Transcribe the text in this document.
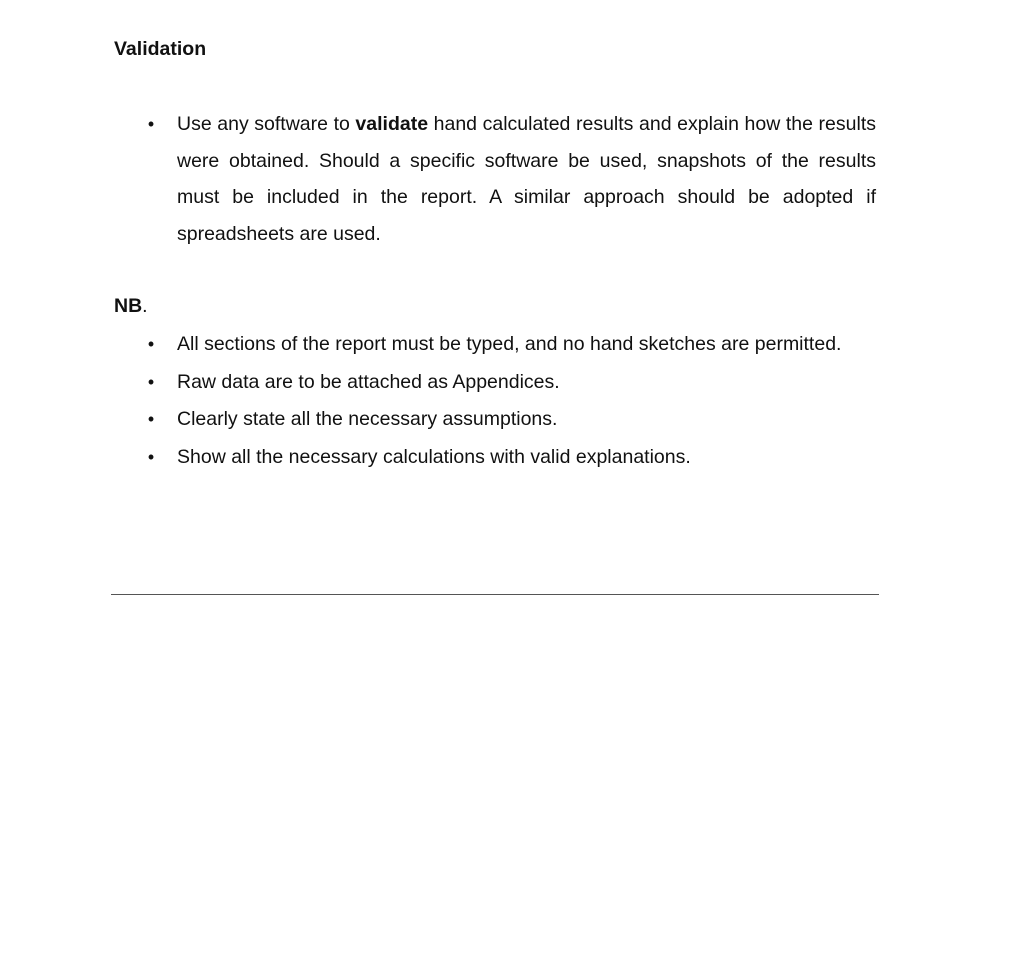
Validation
• Use any software to validate hand calculated results and explain how the results were obtained. Should a specific software be used, snapshots of the results must be included in the report. A similar approach should be adopted if spreadsheets are used.
NB.
• All sections of the report must be typed, and no hand sketches are permitted.
• Raw data are to be attached as Appendices.
• Clearly state all the necessary assumptions.
• Show all the necessary calculations with valid explanations.
